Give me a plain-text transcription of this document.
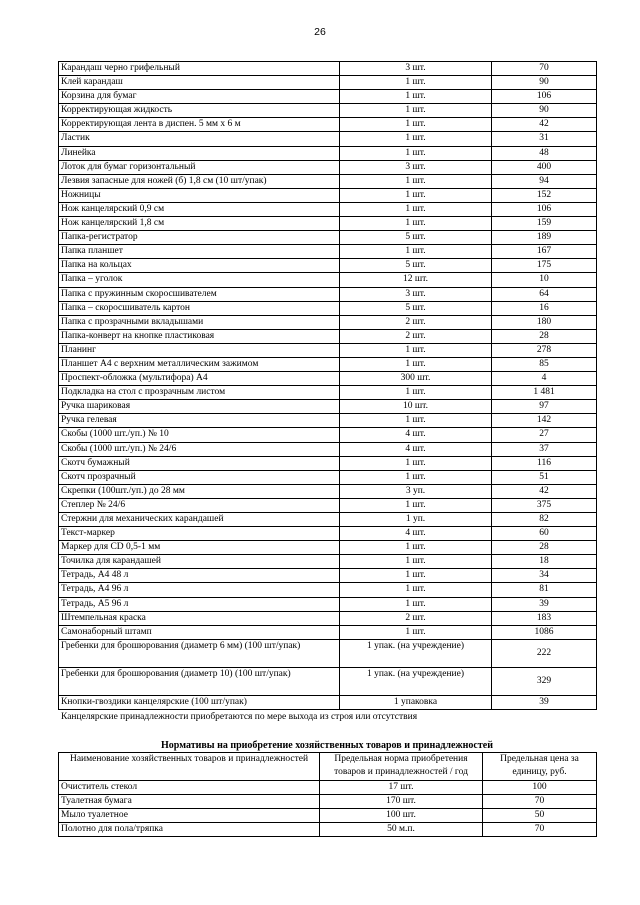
26
Карандаш черно грифельный	3 шт.	70
Клей карандаш	1 шт.	90
Корзина для бумаг	1 шт.	106
Корректирующая жидкость	1 шт.	90
Корректирующая лента в диспен. 5 мм х 6 м	1 шт.	42
Ластик	1 шт.	31
Линейка	1 шт.	48
Лоток для бумаг горизонтальный	3 шт.	400
Лезвия запасные для ножей (б) 1,8 см (10 шт/упак)	1 шт.	94
Ножницы	1 шт.	152
Нож канцелярский 0,9 см	1 шт.	106
Нож канцелярский 1,8 см	1 шт.	159
Папка-регистратор	5 шт.	189
Папка планшет	1 шт.	167
Папка на кольцах	5 шт.	175
Папка – уголок	12 шт.	10
Папка с пружинным скоросшивателем	3 шт.	64
Папка – скоросшиватель картон	5 шт.	16
Папка с прозрачными вкладышами	2 шт.	180
Папка-конверт на кнопке пластиковая	2 шт.	28
Планинг	1 шт.	278
Планшет А4 с верхним металлическим зажимом	1 шт.	85
Проспект-обложка (мультифора) А4	300 шт.	4
Подкладка на стол с прозрачным листом	1 шт.	1 481
Ручка шариковая	10 шт.	97
Ручка гелевая	1 шт.	142
Скобы (1000 шт./уп.) № 10	4 шт.	27
Скобы (1000 шт./уп.) № 24/6	4 шт.	37
Скотч бумажный	1 шт.	116
Скотч прозрачный	1 шт.	51
Скрепки (100шт./уп.) до 28 мм	3 уп.	42
Степлер № 24/6	1 шт.	375
Стержни для механических карандашей	1 уп.	82
Текст-маркер	4 шт.	60
Маркер для CD 0,5-1 мм	1 шт.	28
Точилка для карандашей	1 шт.	18
Тетрадь, А4 48 л	1 шт.	34
Тетрадь, А4 96 л	1 шт.	81
Тетрадь, А5 96 л	1 шт.	39
Штемпельная краска	2 шт.	183
Самонаборный штамп	1 шт.	1086
Гребенки для брошюрования (диаметр 6 мм) (100 шт/упак)	1 упак. (на учреждение)	222
Гребенки для брошюрования (диаметр 10) (100 шт/упак)	1 упак. (на учреждение)	329
Кнопки-гвоздики канцелярские (100 шт/упак)	1 упаковка	39
Канцелярские принадлежности приобретаются по мере выхода из строя или отсутствия
Нормативы на приобретение хозяйственных товаров и принадлежностей
Наименование хозяйственных товаров и принадлежностей	Предельная норма приобретения товаров и принадлежностей / год	Предельная цена за единицу, руб.
Очиститель стекол	17 шт.	100
Туалетная бумага	170 шт.	70
Мыло туалетное	100 шт.	50
Полотно для пола/тряпка	50 м.п.	70
